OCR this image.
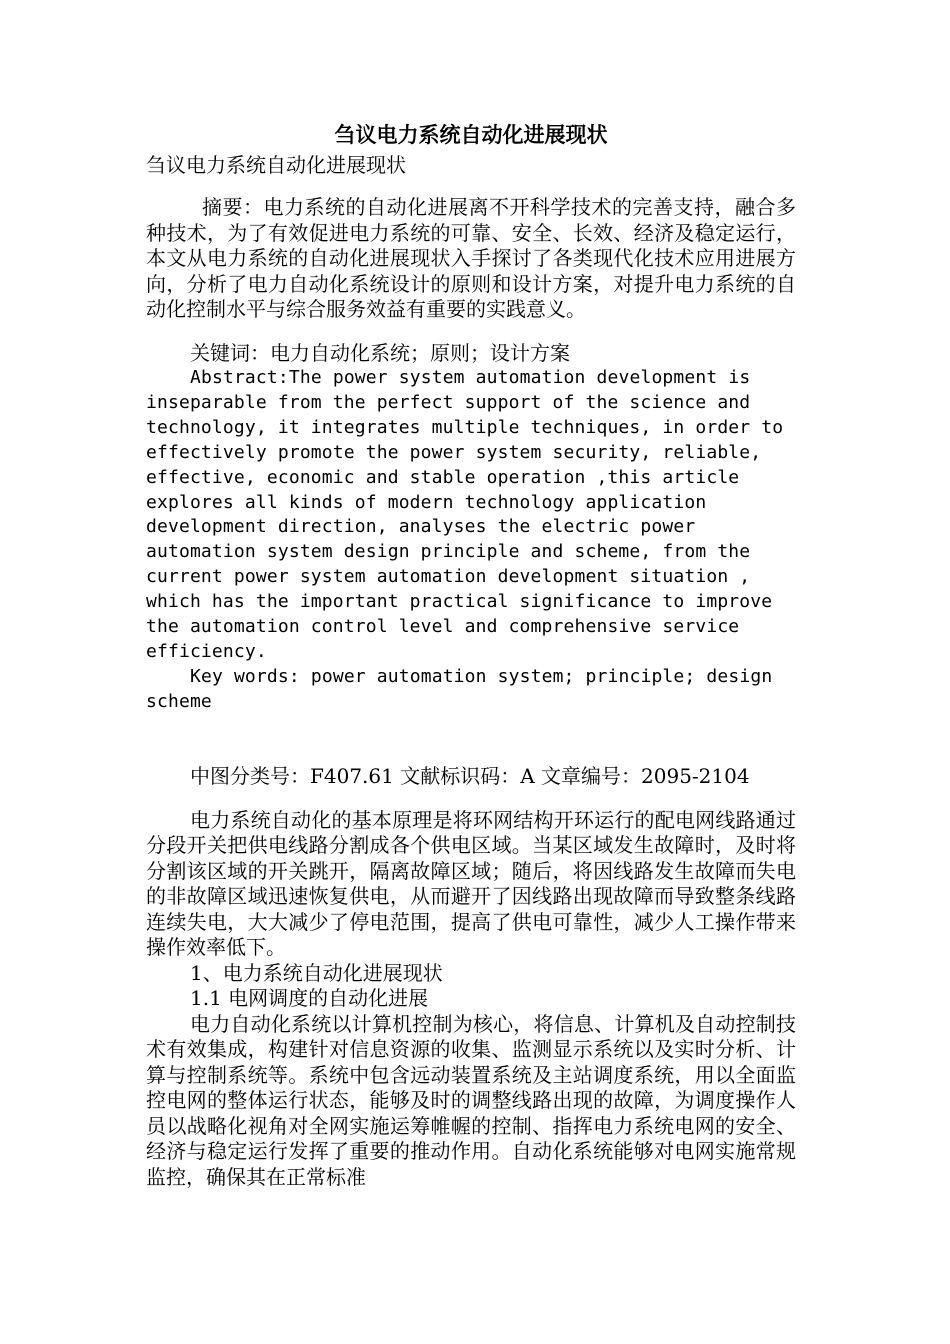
刍议电力系统自动化进展现状

刍议电力系统自动化进展现状

摘要：电力系统的自动化进展离不开科学技术的完善支持，融合多种技术，为了有效促进电力系统的可靠、安全、长效、经济及稳定运行，本文从电力系统的自动化进展现状入手探讨了各类现代化技术应用进展方向，分析了电力自动化系统设计的原则和设计方案，对提升电力系统的自动化控制水平与综合服务效益有重要的实践意义。

关键词：电力自动化系统；原则；设计方案

Abstract:The power system automation development is inseparable from the perfect support of the science and technology, it integrates multiple techniques, in order to effectively promote the power system security, reliable, effective, economic and stable operation ,this article explores all kinds of modern technology application development direction, analyses the electric power automation system design principle and scheme, from the current power system automation development situation , which has the important practical significance to improve the automation control level and comprehensive service efficiency.

Key words: power automation system; principle; design scheme

中图分类号：F407.61 文献标识码：A 文章编号：2095-2104

电力系统自动化的基本原理是将环网结构开环运行的配电网线路通过分段开关把供电线路分割成各个供电区域。当某区域发生故障时，及时将分割该区域的开关跳开，隔离故障区域；随后，将因线路发生故障而失电的非故障区域迅速恢复供电，从而避开了因线路出现故障而导致整条线路连续失电，大大减少了停电范围，提高了供电可靠性，减少人工操作带来操作效率低下。

1、电力系统自动化进展现状

1.1 电网调度的自动化进展

电力自动化系统以计算机控制为核心，将信息、计算机及自动控制技术有效集成，构建针对信息资源的收集、监测显示系统以及实时分析、计算与控制系统等。系统中包含远动装置系统及主站调度系统，用以全面监控电网的整体运行状态，能够及时的调整线路出现的故障，为调度操作人员以战略化视角对全网实施运筹帷幄的控制、指挥电力系统电网的安全、经济与稳定运行发挥了重要的推动作用。自动化系统能够对电网实施常规监控，确保其在正常标准
